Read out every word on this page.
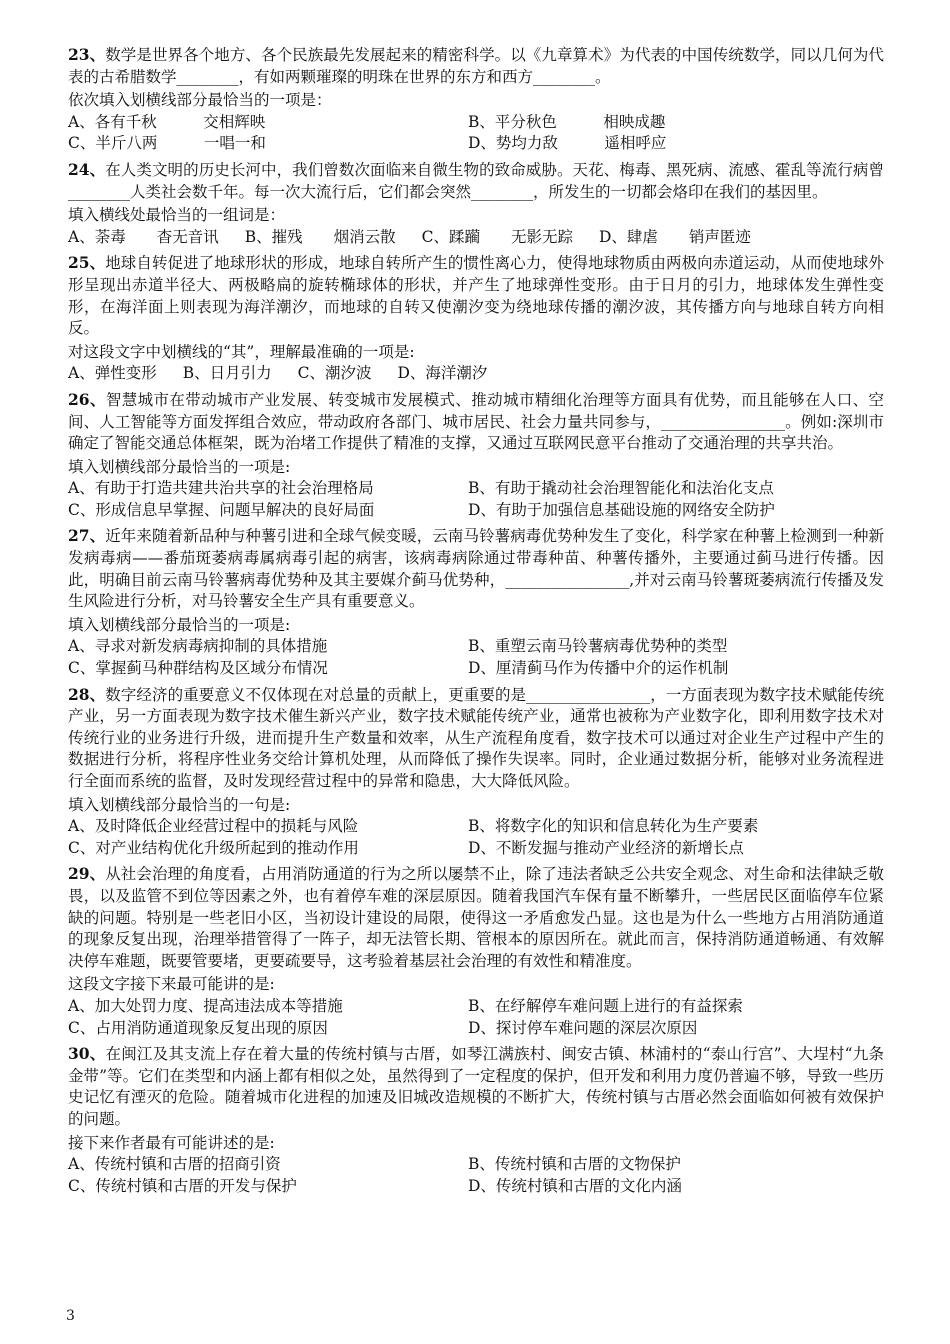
23、数学是世界各个地方、各个民族最先发展起来的精密科学。以《九章算术》为代表的中国传统数学，同以几何为代表的古希腊数学________，有如两颗璀璨的明珠在世界的东方和西方________。

依次填入划横线部分最恰当的一项是：

A、各有千秋　　　交相辉映	B、平分秋色　　　相映成趣
C、半斤八两　　　一唱一和	D、势均力敌　　　遥相呼应

24、在人类文明的历史长河中，我们曾数次面临来自微生物的致命威胁。天花、梅毒、黑死病、流感、霍乱等流行病曾________人类社会数千年。每一次大流行后，它们都会突然________，所发生的一切都会烙印在我们的基因里。

填入横线处最恰当的一组词是：

A、荼毒　　杳无音讯 B、摧残　　烟消云散 C、蹂躏　　无影无踪 D、肆虐　　销声匿迹

25、地球自转促进了地球形状的形成，地球自转所产生的惯性离心力，使得地球物质由两极向赤道运动，从而使地球外形呈现出赤道半径大、两极略扁的旋转椭球体的形状，并产生了地球弹性变形。由于日月的引力，地球体发生弹性变形，在海洋面上则表现为海洋潮汐，而地球的自转又使潮汐变为绕地球传播的潮汐波，其传播方向与地球自转方向相反。

对这段文字中划横线的“其”，理解最准确的一项是:

A、弹性变形 B、日月引力 C、潮汐波 D、海洋潮汐

26、智慧城市在带动城市产业发展、转变城市发展模式、推动城市精细化治理等方面具有优势，而且能够在人口、空间、人工智能等方面发挥组合效应，带动政府各部门、城市居民、社会力量共同参与，________________。例如:深圳市确定了智能交通总体框架，既为治堵工作提供了精准的支撑，又通过互联网民意平台推动了交通治理的共享共治。

填入划横线部分最恰当的一项是:

A、有助于打造共建共治共享的社会治理格局	B、有助于撬动社会治理智能化和法治化支点
C、形成信息早掌握、问题早解决的良好局面	D、有助于加强信息基础设施的网络安全防护

27、近年来随着新品种与种薯引进和全球气候变暖，云南马铃薯病毒优势种发生了变化，科学家在种薯上检测到一种新发病毒病——番茄斑萎病毒属病毒引起的病害，该病毒病除通过带毒种苗、种薯传播外，主要通过蓟马进行传播。因此，明确目前云南马铃薯病毒优势种及其主要媒介蓟马优势种，________________,并对云南马铃薯斑萎病流行传播及发生风险进行分析，对马铃薯安全生产具有重要意义。

填入划横线部分最恰当的一项是:

A、寻求对新发病毒病抑制的具体措施	B、重塑云南马铃薯病毒优势种的类型
C、掌握蓟马种群结构及区域分布情况	D、厘清蓟马作为传播中介的运作机制

28、数字经济的重要意义不仅体现在对总量的贡献上，更重要的是________________，一方面表现为数字技术赋能传统产业，另一方面表现为数字技术催生新兴产业，数字技术赋能传统产业，通常也被称为产业数字化，即利用数字技术对传统行业的业务进行升级，进而提升生产数量和效率，从生产流程角度看，数字技术可以通过对企业生产过程中产生的数据进行分析，将程序性业务交给计算机处理，从而降低了操作失误率。同时，企业通过数据分析，能够对业务流程进行全面而系统的监督，及时发现经营过程中的异常和隐患，大大降低风险。

填入划横线部分最恰当的一句是:

A、及时降低企业经营过程中的损耗与风险	B、将数字化的知识和信息转化为生产要素
C、对产业结构优化升级所起到的推动作用	D、不断发掘与推动产业经济的新增长点

29、从社会治理的角度看，占用消防通道的行为之所以屡禁不止，除了违法者缺乏公共安全观念、对生命和法律缺乏敬畏，以及监管不到位等因素之外，也有着停车难的深层原因。随着我国汽车保有量不断攀升，一些居民区面临停车位紧缺的问题。特别是一些老旧小区，当初设计建设的局限，使得这一矛盾愈发凸显。这也是为什么一些地方占用消防通道的现象反复出现，治理举措管得了一阵子，却无法管长期、管根本的原因所在。就此而言，保持消防通道畅通、有效解决停车难题，既要管要堵，更要疏要导，这考验着基层社会治理的有效性和精准度。

这段文字接下来最可能讲的是:

A、加大处罚力度、提高违法成本等措施	B、在纾解停车难问题上进行的有益探索
C、占用消防通道现象反复出现的原因	D、探讨停车难问题的深层次原因

30、在闽江及其支流上存在着大量的传统村镇与古厝，如琴江满族村、闽安古镇、林浦村的“泰山行宫”、大埕村“九条金带”等。它们在类型和内涵上都有相似之处，虽然得到了一定程度的保护，但开发和利用力度仍普遍不够，导致一些历史记忆有湮灭的危险。随着城市化进程的加速及旧城改造规模的不断扩大，传统村镇与古厝必然会面临如何被有效保护的问题。

接下来作者最有可能讲述的是:

A、传统村镇和古厝的招商引资	B、传统村镇和古厝的文物保护
C、传统村镇和古厝的开发与保护	D、传统村镇和古厝的文化内涵
3
